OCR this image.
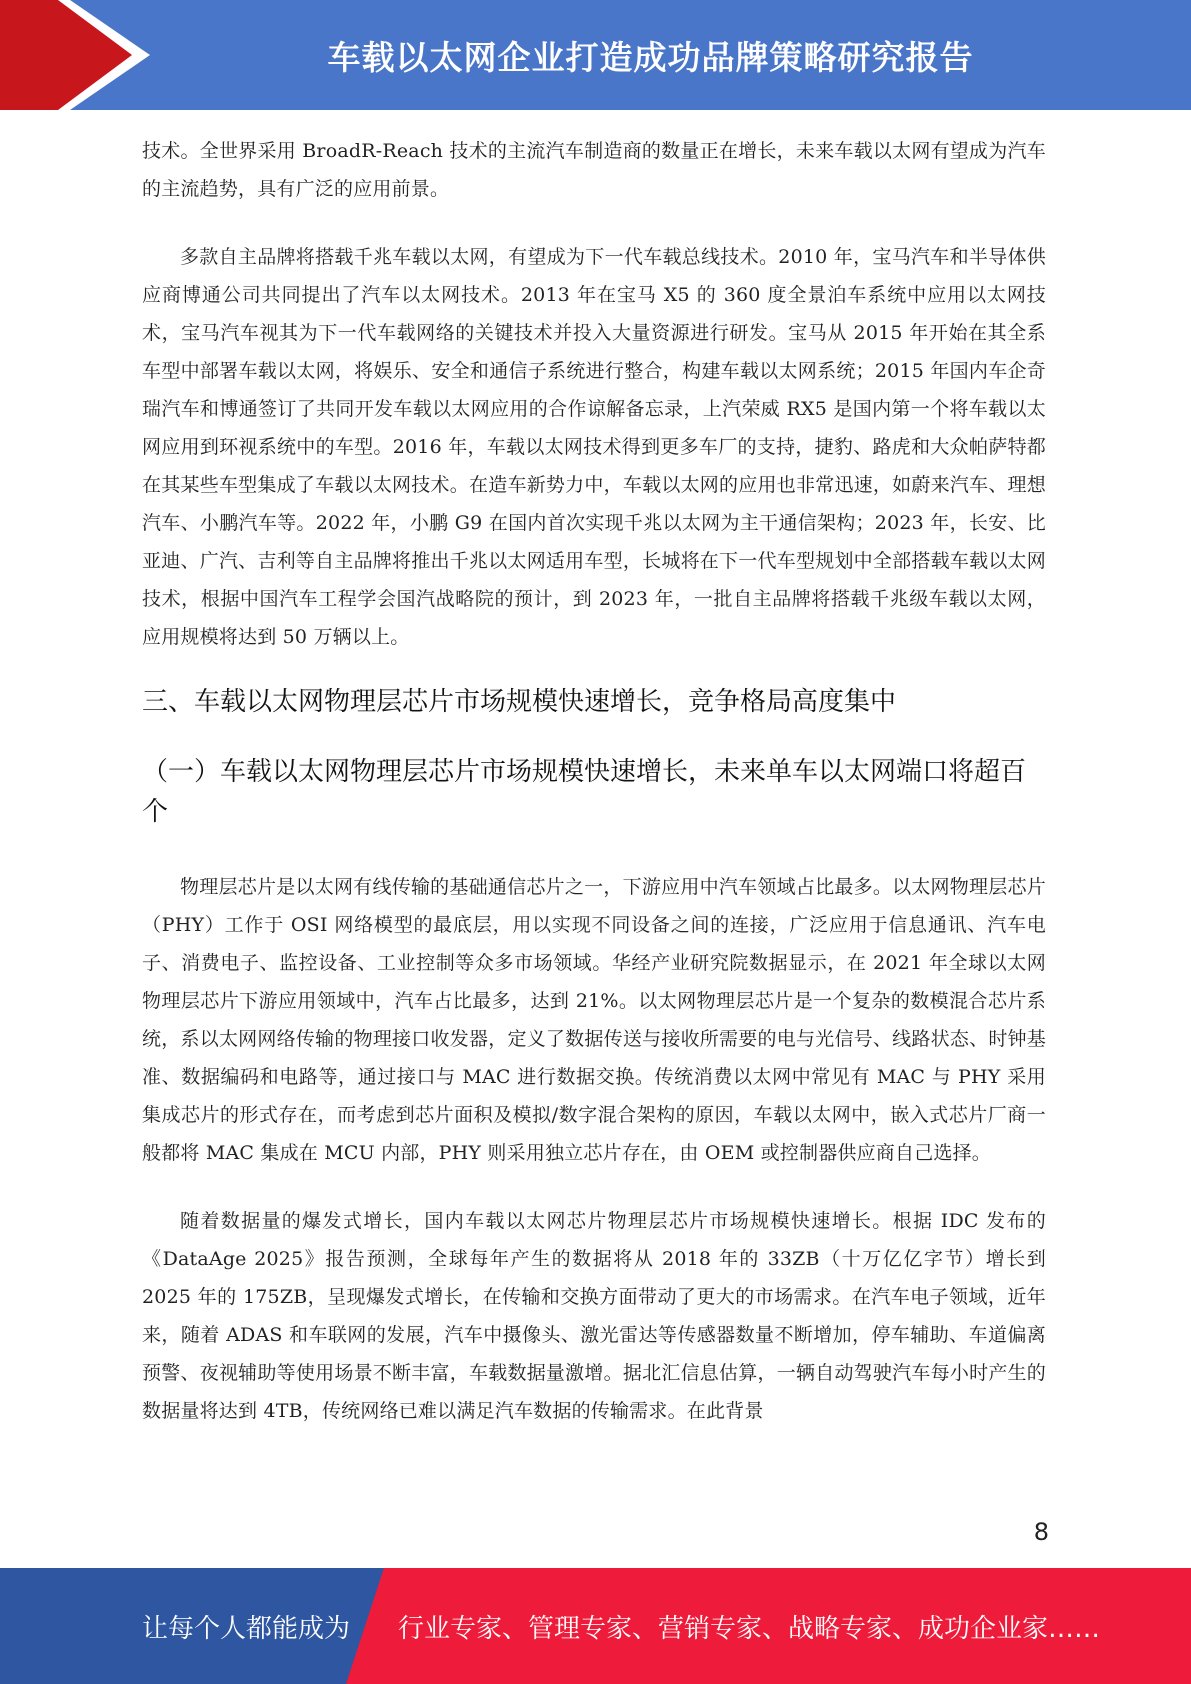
车载以太网企业打造成功品牌策略研究报告

技术。全世界采用 BroadR-Reach 技术的主流汽车制造商的数量正在增长，未来车载以太网有望成为汽车的主流趋势，具有广泛的应用前景。

多款自主品牌将搭载千兆车载以太网，有望成为下一代车载总线技术。2010 年，宝马汽车和半导体供应商博通公司共同提出了汽车以太网技术。2013 年在宝马 X5 的 360 度全景泊车系统中应用以太网技术，宝马汽车视其为下一代车载网络的关键技术并投入大量资源进行研发。宝马从 2015 年开始在其全系车型中部署车载以太网，将娱乐、安全和通信子系统进行整合，构建车载以太网系统；2015 年国内车企奇瑞汽车和博通签订了共同开发车载以太网应用的合作谅解备忘录，上汽荣威 RX5 是国内第一个将车载以太网应用到环视系统中的车型。2016 年，车载以太网技术得到更多车厂的支持，捷豹、路虎和大众帕萨特都在其某些车型集成了车载以太网技术。在造车新势力中，车载以太网的应用也非常迅速，如蔚来汽车、理想汽车、小鹏汽车等。2022 年，小鹏 G9 在国内首次实现千兆以太网为主干通信架构；2023 年，长安、比亚迪、广汽、吉利等自主品牌将推出千兆以太网适用车型，长城将在下一代车型规划中全部搭载车载以太网技术，根据中国汽车工程学会国汽战略院的预计，到 2023 年，一批自主品牌将搭载千兆级车载以太网，应用规模将达到 50 万辆以上。

三、车载以太网物理层芯片市场规模快速增长，竞争格局高度集中
（一）车载以太网物理层芯片市场规模快速增长，未来单车以太网端口将超百个

物理层芯片是以太网有线传输的基础通信芯片之一，下游应用中汽车领域占比最多。以太网物理层芯片（PHY）工作于 OSI 网络模型的最底层，用以实现不同设备之间的连接，广泛应用于信息通讯、汽车电子、消费电子、监控设备、工业控制等众多市场领域。华经产业研究院数据显示，在 2021 年全球以太网物理层芯片下游应用领域中，汽车占比最多，达到 21%。以太网物理层芯片是一个复杂的数模混合芯片系统，系以太网网络传输的物理接口收发器，定义了数据传送与接收所需要的电与光信号、线路状态、时钟基准、数据编码和电路等，通过接口与 MAC 进行数据交换。传统消费以太网中常见有 MAC 与 PHY 采用集成芯片的形式存在，而考虑到芯片面积及模拟/数字混合架构的原因，车载以太网中，嵌入式芯片厂商一般都将 MAC 集成在 MCU 内部，PHY 则采用独立芯片存在，由 OEM 或控制器供应商自己选择。

随着数据量的爆发式增长，国内车载以太网芯片物理层芯片市场规模快速增长。根据 IDC 发布的《DataAge 2025》报告预测，全球每年产生的数据将从 2018 年的 33ZB（十万亿亿字节）增长到 2025 年的 175ZB，呈现爆发式增长，在传输和交换方面带动了更大的市场需求。在汽车电子领域，近年来，随着 ADAS 和车联网的发展，汽车中摄像头、激光雷达等传感器数量不断增加，停车辅助、车道偏离预警、夜视辅助等使用场景不断丰富，车载数据量激增。据北汇信息估算，一辆自动驾驶汽车每小时产生的数据量将达到 4TB，传统网络已难以满足汽车数据的传输需求。在此背景

8
让每个人都能成为 行业专家、管理专家、营销专家、战略专家、成功企业家……
